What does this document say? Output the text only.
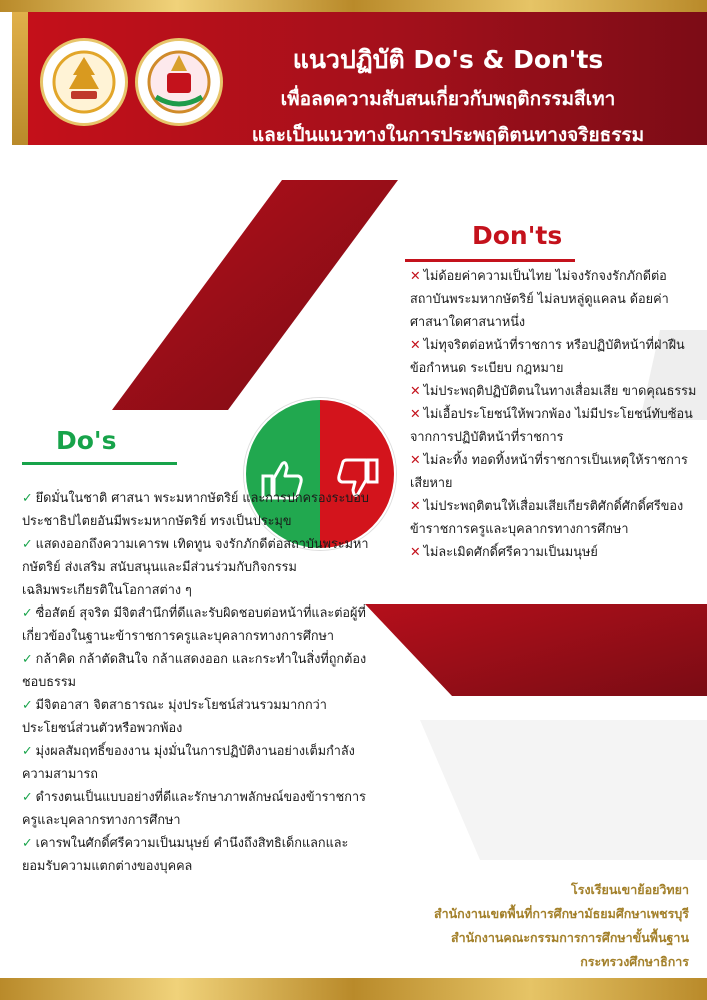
แนวปฏิบัติ Do's & Don'ts
เพื่อลดความสับสนเกี่ยวกับพฤติกรรมสีเทา
และเป็นแนวทางในการประพฤติตนทางจริยธรรม
Don'ts
✕ ไม่ด้อยค่าความเป็นไทย ไม่จงรักจงรักภักดีต่อสถาบันพระมหากษัตริย์ ไม่ลบหลู่ดูแคลน ด้อยค่า ศาสนาใดศาสนาหนึ่ง
✕ ไม่ทุจริตต่อหน้าที่ราชการ หรือปฏิบัติหน้าที่ฝ่าฝืน ข้อกำหนด ระเบียบ กฎหมาย
✕ ไม่ประพฤติปฏิบัติตนในทางเสื่อมเสีย ขาดคุณธรรม
✕ ไม่เอื้อประโยชน์ให้พวกพ้อง ไม่มีประโยชน์ทับซ้อนจากการปฏิบัติหน้าที่ราชการ
✕ ไม่ละทิ้ง ทอดทิ้งหน้าที่ราชการเป็นเหตุให้ราชการ เสียหาย
✕ ไม่ประพฤติตนให้เสื่อมเสียเกียรติศักดิ์ศักดิ์ศรีของข้าราชการครูและบุคลากรทางการศึกษา
✕ ไม่ละเมิดศักดิ์ศรีความเป็นมนุษย์
Do's
✓ ยึดมั่นในชาติ ศาสนา พระมหากษัตริย์ และการปกครองระบอบประชาธิปไตยอันมีพระมหากษัตริย์ ทรงเป็นประมุข
✓ แสดงออกถึงความเคารพ เทิดทูน จงรักภักดีต่อสถาบันพระมหากษัตริย์ ส่งเสริม สนับสนุนและมีส่วนร่วมกับกิจกรรมเฉลิมพระเกียรติในโอกาสต่าง ๆ
✓ ซื่อสัตย์ สุจริต มีจิตสำนึกที่ดีและรับผิดชอบต่อหน้าที่และต่อผู้ที่เกี่ยวข้องในฐานะข้าราชการครูและบุคลากรทางการศึกษา
✓ กล้าคิด กล้าตัดสินใจ กล้าแสดงออก และกระทำในสิ่งที่ถูกต้องชอบธรรม
✓ มีจิตอาสา จิตสาธารณะ มุ่งประโยชน์ส่วนรวมมากกว่าประโยชน์ส่วนตัวหรือพวกพ้อง
✓ มุ่งผลสัมฤทธิ์ของงาน มุ่งมั่นในการปฏิบัติงานอย่างเต็มกำลังความสามารถ
✓ ดำรงตนเป็นแบบอย่างที่ดีและรักษาภาพลักษณ์ของข้าราชการครูและบุคลากรทางการศึกษา
✓ เคารพในศักดิ์ศรีความเป็นมนุษย์ คำนึงถึงสิทธิเด็กแลกและยอมรับความแตกต่างของบุคคล
โรงเรียนเขาย้อยวิทยา
สำนักงานเขตพื้นที่การศึกษามัธยมศึกษาเพชรบุรี
สำนักงานคณะกรรมการการศึกษาขั้นพื้นฐาน
กระทรวงศึกษาธิการ
